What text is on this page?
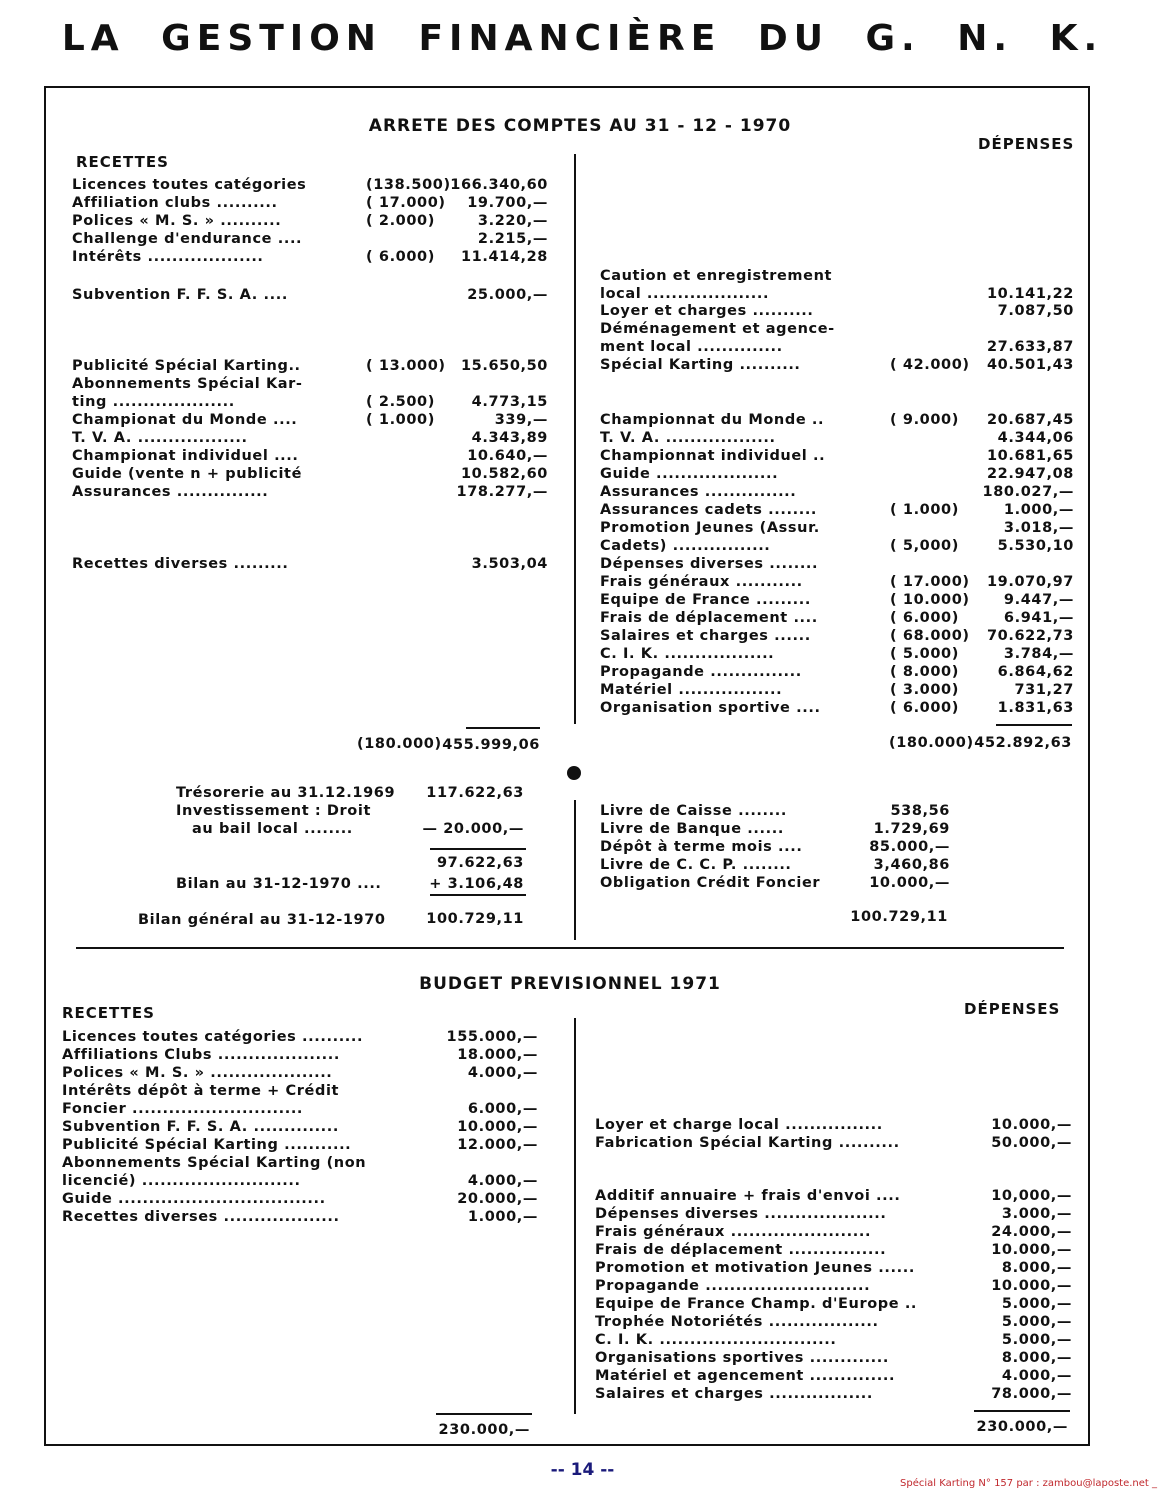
LA GESTION FINANCIÈRE DU G. N. K.
ARRETE DES COMPTES AU 31 - 12 - 1970
RECETTES
DÉPENSES
Licences toutes catégories	(138.500) 166.340,60
Affiliation clubs ..........	( 17.000)	19.700,—
Polices « M. S. » ..........	( 2.000)	3.220,—
Challenge d'endurance ....	2.215,—
Intérêts ...................	( 6.000)	11.414,28
Subvention F. F. S. A. ....	25.000,—
Publicité Spécial Karting..	( 13.000)	15.650,50
Abonnements Spécial Kar-
ting ....................	( 2.500)	4.773,15
Championat du Monde ....	( 1.000)	339,—
T. V. A. ..................	4.343,89
Championat individuel ....	10.640,—
Guide (vente n + publicité	10.582,60
Assurances ...............	178.277,—
Recettes diverses .........	3.503,04
Caution et enregistrement
local ....................	10.141,22
Loyer et charges ..........	7.087,50
Déménagement et agence-
ment local ..............	27.633,87
Spécial Karting ..........	( 42.000)	40.501,43
Championnat du Monde ..	( 9.000)	20.687,45
T. V. A. ..................	4.344,06
Championnat individuel ..	10.681,65
Guide ....................	22.947,08
Assurances ...............	180.027,—
Assurances cadets ........	( 1.000)	1.000,—
Promotion Jeunes (Assur.	3.018,—
Cadets) ................	( 5,000)	5.530,10
Dépenses diverses ........
Frais généraux ...........	( 17.000)	19.070,97
Equipe de France .........	( 10.000)	9.447,—
Frais de déplacement ....	( 6.000)	6.941,—
Salaires et charges ......	( 68.000)	70.622,73
C. I. K. ..................	( 5.000)	3.784,—
Propagande ...............	( 8.000)	6.864,62
Matériel .................	( 3.000)	731,27
Organisation sportive ....	( 6.000)	1.831,63
(180.000) 455.999,06	(180.000) 452.892,63
Trésorerie au 31.12.1969	117.622,63
Investissement : Droit
au bail local ........	— 20.000,—
97.622,63
Bilan au 31-12-1970 ....	+ 3.106,48
Bilan général au 31-12-1970	100.729,11
Livre de Caisse ........	538,56
Livre de Banque ......	1.729,69
Dépôt à terme mois ....	85.000,—
Livre de C. C. P. ........	3,460,86
Obligation Crédit Foncier	10.000,—
100.729,11
BUDGET PREVISIONNEL 1971
RECETTES	DÉPENSES
Licences toutes catégories ..........	155.000,—
Affiliations Clubs ....................	18.000,—
Polices « M. S. » ....................	4.000,—
Intérêts dépôt à terme + Crédit
Foncier ............................	6.000,—
Subvention F. F. S. A. ..............	10.000,—
Publicité Spécial Karting ...........	12.000,—
Abonnements Spécial Karting (non
licencié) ..........................	4.000,—
Guide ..................................	20.000,—
Recettes diverses ...................	1.000,—
Loyer et charge local ................	10.000,—
Fabrication Spécial Karting ..........	50.000,—
Additif annuaire + frais d'envoi ....	10,000,—
Dépenses diverses ....................	3.000,—
Frais généraux .......................	24.000,—
Frais de déplacement ................	10.000,—
Promotion et motivation Jeunes ......	8.000,—
Propagande ...........................	10.000,—
Equipe de France Champ. d'Europe ..	5.000,—
Trophée Notoriétés ..................	5.000,—
C. I. K. .............................	5.000,—
Organisations sportives .............	8.000,—
Matériel et agencement ..............	4.000,—
Salaires et charges .................	78.000,—
230.000,—	230.000,—
-- 14 --
Spécial Karting N° 157 par : zambou@laposte.net _
